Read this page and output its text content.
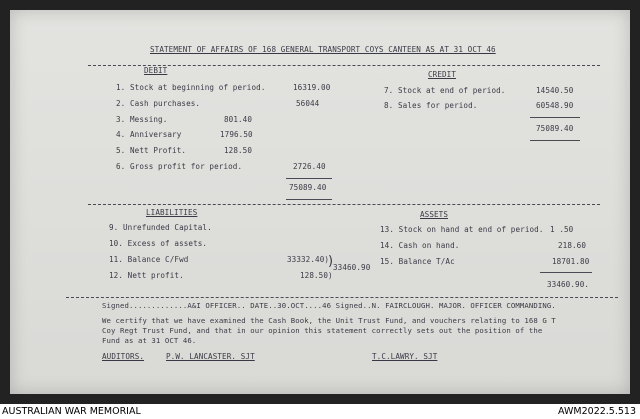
STATEMENT OF AFFAIRS OF 168 GENERAL TRANSPORT COYS CANTEEN AS AT 31 OCT 46
DEBIT	CREDIT
1. Stock at beginning of period.	16319.00
2. Cash purchases.	56044
3. Messing.	801.40
4. Anniversary	1796.50
5. Nett Profit.	128.50
6. Gross profit for period.	2726.40
75089.40
7. Stock at end of period.	14540.50
8. Sales for period.	60548.90
75089.40
LIABILITIES	ASSETS
9. Unrefunded Capital.
10. Excess of assets.
11. Balance C/Fwd	33332.40)
12. Nett profit.	128.50)
) 33460.90
13. Stock on hand at end of period. 1 .50
14. Cash on hand.	218.60
15. Balance T/Ac	18701.80
33460.90.
Signed.............A&I OFFICER.. DATE..30.OCT....46 Signed..N. FAIRCLOUGH. MAJOR. OFFICER COMMANDING.
We certify that we have examined the Cash Book, the Unit Trust Fund, and vouchers relating to 168 G T
Coy Regt Trust Fund, and that in our opinion this statement correctly sets out the position of the
Fund as at 31 OCT 46.
AUDITORS.	P.W. LANCASTER. SJT	T.C.LAWRY. SJT
AUSTRALIAN WAR MEMORIAL	AWM2022.5.513
